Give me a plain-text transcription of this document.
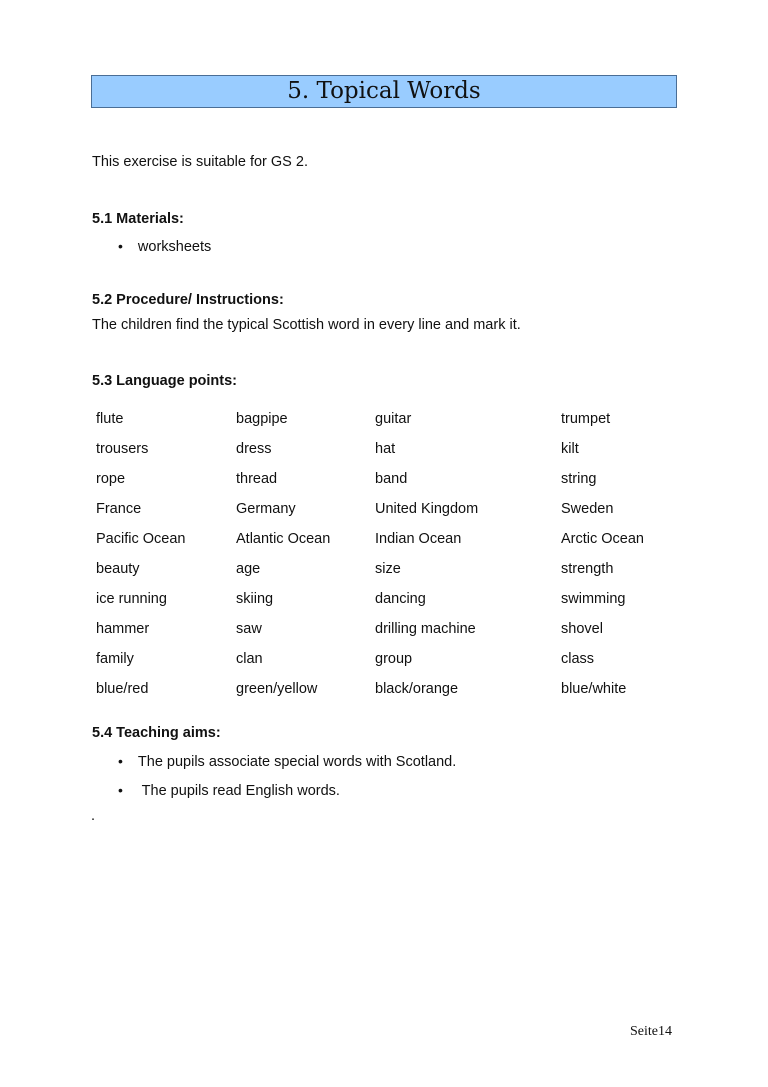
5. Topical Words
This exercise is suitable for GS 2.
5.1 Materials:
• worksheets
5.2 Procedure/ Instructions:
The children find the typical Scottish word in every line and mark it.
5.3 Language points:
flute	bagpipe	guitar	trumpet
trousers	dress	hat	kilt
rope	thread	band	string
France	Germany	United Kingdom	Sweden
Pacific Ocean	Atlantic Ocean	Indian Ocean	Arctic Ocean
beauty	age	size	strength
ice running	skiing	dancing	swimming
hammer	saw	drilling machine	shovel
family	clan	group	class
blue/red	green/yellow	black/orange	blue/white
5.4 Teaching aims:
• The pupils associate special words with Scotland.
• The pupils read English words.
.
Seite14
